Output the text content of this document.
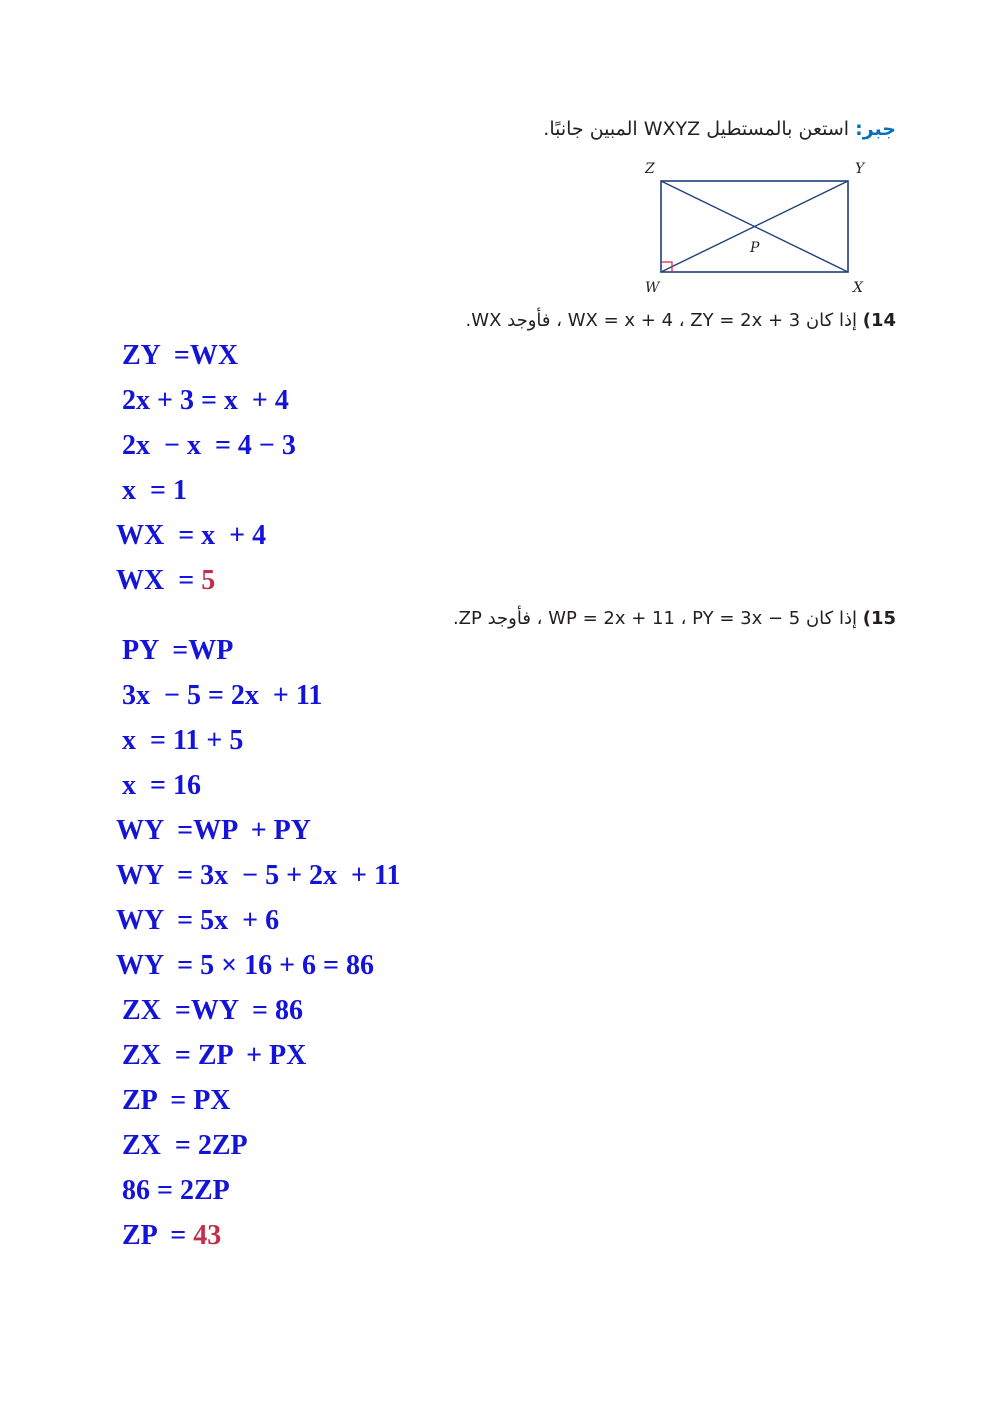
جبر: استعن بالمستطيل WXYZ المبين جانبًا.
Z	Y
W	X
P
14) إذا كان WX = x + 4 ، ZY = 2x + 3 ، فأوجد WX.
ZY  =WX
2x + 3 = x  + 4
2x  − x  = 4 − 3
x  = 1
WX  = x  + 4
WX  = 5
15) إذا كان WP = 2x + 11 ، PY = 3x − 5 ، فأوجد ZP.
PY  =WP
3x  − 5 = 2x  + 11
x  = 11 + 5
x  = 16
WY  =WP  + PY
WY  = 3x  − 5 + 2x  + 11
WY  = 5x  + 6
WY  = 5 × 16 + 6 = 86
ZX  =WY  = 86
ZX  = ZP  + PX
ZP  = PX
ZX  = 2ZP
86 = 2ZP
ZP  = 43
